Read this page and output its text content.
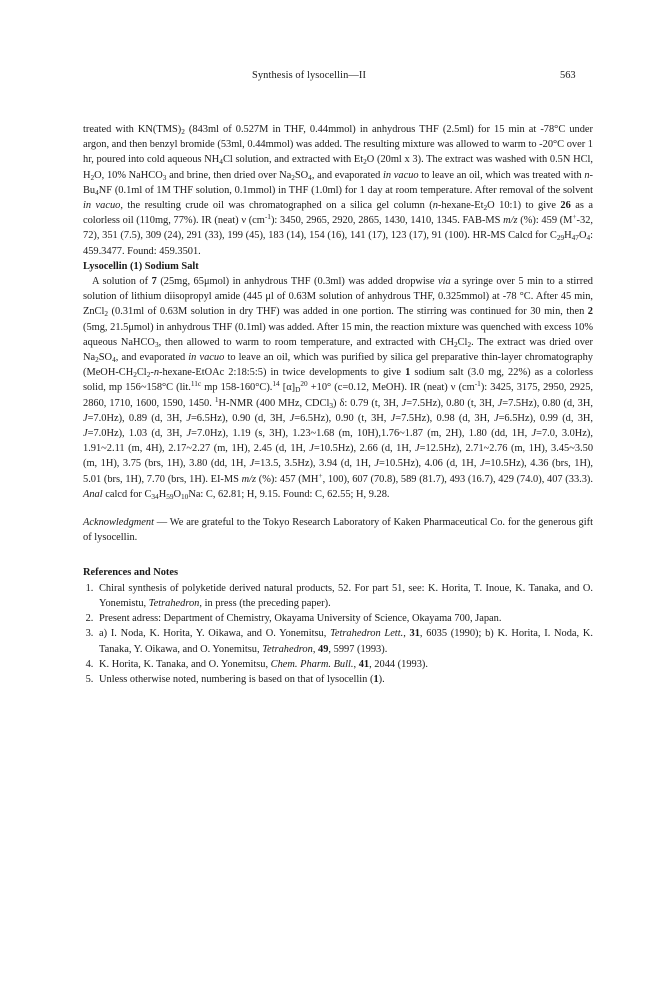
Synthesis of lysocellin—II	563

treated with $KN(TMS)_2$ (843ml of 0.527M in THF, 0.44mmol) in anhydrous THF (2.5ml) for 15 min at -78°C under argon, and then benzyl bromide (53ml, 0.44mmol) was added. The resulting mixture was allowed to warm to -20°C over 1 hr, poured into cold aqueous $NH_4Cl$ solution, and extracted with $Et_2O$ (20ml x 3). The extract was washed with 0.5N HCl, $H_2O$, 10% NaHCO$_3$ and brine, then dried over $Na_2SO_4$, and evaporated in vacuo to leave an oil, which was treated with $n-Bu_4NF$ (0.1ml of 1M THF solution, 0.1mmol) in THF (1.0ml) for 1 day at room temperature. After removal of the solvent in vacuo, the resulting crude oil was chromatographed on a silica gel column ($n-hexane-Et_2O$ 10:1) to give 26 as a colorless oil (110mg, 77%). IR (neat) ν $(cm^{-1})$: 3450, 2965, 2920, 2865, 1430, 1410, 1345. FAB-MS m/z (%): 459 (M+-32, 72), 351 (7.5), 309 (24), 291 (33), 199 (45), 183 (14), 154 (16), 141 (17), 123 (17), 91 (100). HR-MS Calcd for $C_{29}H_{47}O_4$: 459.3477. Found: 459.3501.

Lysocellin (1) Sodium Salt

A solution of 7 (25mg, 65μmol) in anhydrous THF (0.3ml) was added dropwise via a syringe over 5 min to a stirred solution of lithium diisopropyl amide (445 μl of 0.63M solution of anhydrous THF, 0.325mmol) at -78 °C. After 45 min, ZnCl$_2$ (0.31ml of 0.63M solution in dry THF) was added in one portion. The stirring was continued for 30 min, then 2 (5mg, 21.5μmol) in anhydrous THF (0.1ml) was added. After 15 min, the reaction mixture was quenched with excess 10% aqueous NaHCO$_3$, then allowed to warm to room temperature, and extracted with $CH_2Cl_2$. The extract was dried over $Na_2SO_4$, and evaporated in vacuo to leave an oil, which was purified by silica gel preparative thin-layer chromatography ($MeOH-CH_2Cl_2-n-hexane$-EtOAc 2:18:5:5) in twice developments to give 1 sodium salt (3.0 mg, 22%) as a colorless solid, mp 156~158°C (lit.$^{11c}$ mp 158-160°C).$^{14}$ $[\alpha]_D^{20} +10^\circ$ (c=0.12, MeOH). IR (neat) ν $(cm^{-1})$: 3425, 3175, 2950, 2925, 2860, 1710, 1600, 1590, 1450. $^1$H-NMR (400 MHz, CDCl$_3$) δ: 0.79 (t, 3H, J=7.5Hz), 0.80 (t, 3H, J=7.5Hz), 0.80 (d, 3H, J=7.0Hz), 0.89 (d, 3H, J=6.5Hz), 0.90 (d, 3H, J=6.5Hz), 0.90 (t, 3H, J=7.5Hz), 0.98 (d, 3H, J=6.5Hz), 0.99 (d, 3H, J=7.0Hz), 1.03 (d, 3H, J=7.0Hz), 1.19 (s, 3H), 1.23~1.68 (m, 10H),1.76~1.87 (m, 2H), 1.80 (dd, 1H, J=7.0, 3.0Hz), 1.91~2.11 (m, 4H), 2.17~2.27 (m, 1H), 2.45 (d, 1H, J=10.5Hz), 2.66 (d, 1H, J=12.5Hz), 2.71~2.76 (m, 1H), 3.45~3.50 (m, 1H), 3.75 (brs, 1H), 3.80 (dd, 1H, J=13.5, 3.5Hz), 3.94 (d, 1H, J=10.5Hz), 4.06 (d, 1H, J=10.5Hz), 4.36 (brs, 1H), 5.01 (brs, 1H), 7.70 (brs, 1H). EI-MS m/z (%): 457 (MH+, 100), 607 (70.8), 589 (81.7), 493 (16.7), 429 (74.0), 407 (33.3). Anal calcd for $C_{34}H_{59}O_{10}Na$: C, 62.81; H, 9.15. Found: C, 62.55; H, 9.28.

Acknowledgment — We are grateful to the Tokyo Research Laboratory of Kaken Pharmaceutical Co. for the generous gift of lysocellin.

References and Notes

1. Chiral synthesis of polyketide derived natural products, 52. For part 51, see: K. Horita, T. Inoue, K. Tanaka, and O. Yonemistu, Tetrahedron, in press (the preceding paper).
2. Present adress: Department of Chemistry, Okayama University of Science, Okayama 700, Japan.
3. a) I. Noda, K. Horita, Y. Oikawa, and O. Yonemitsu, Tetrahedron Lett., 31, 6035 (1990); b) K. Horita, I. Noda, K. Tanaka, Y. Oikawa, and O. Yonemitsu, Tetrahedron, 49, 5997 (1993).
4. K. Horita, K. Tanaka, and O. Yonemitsu, Chem. Pharm. Bull., 41, 2044 (1993).
5. Unless otherwise noted, numbering is based on that of lysocellin (1).
